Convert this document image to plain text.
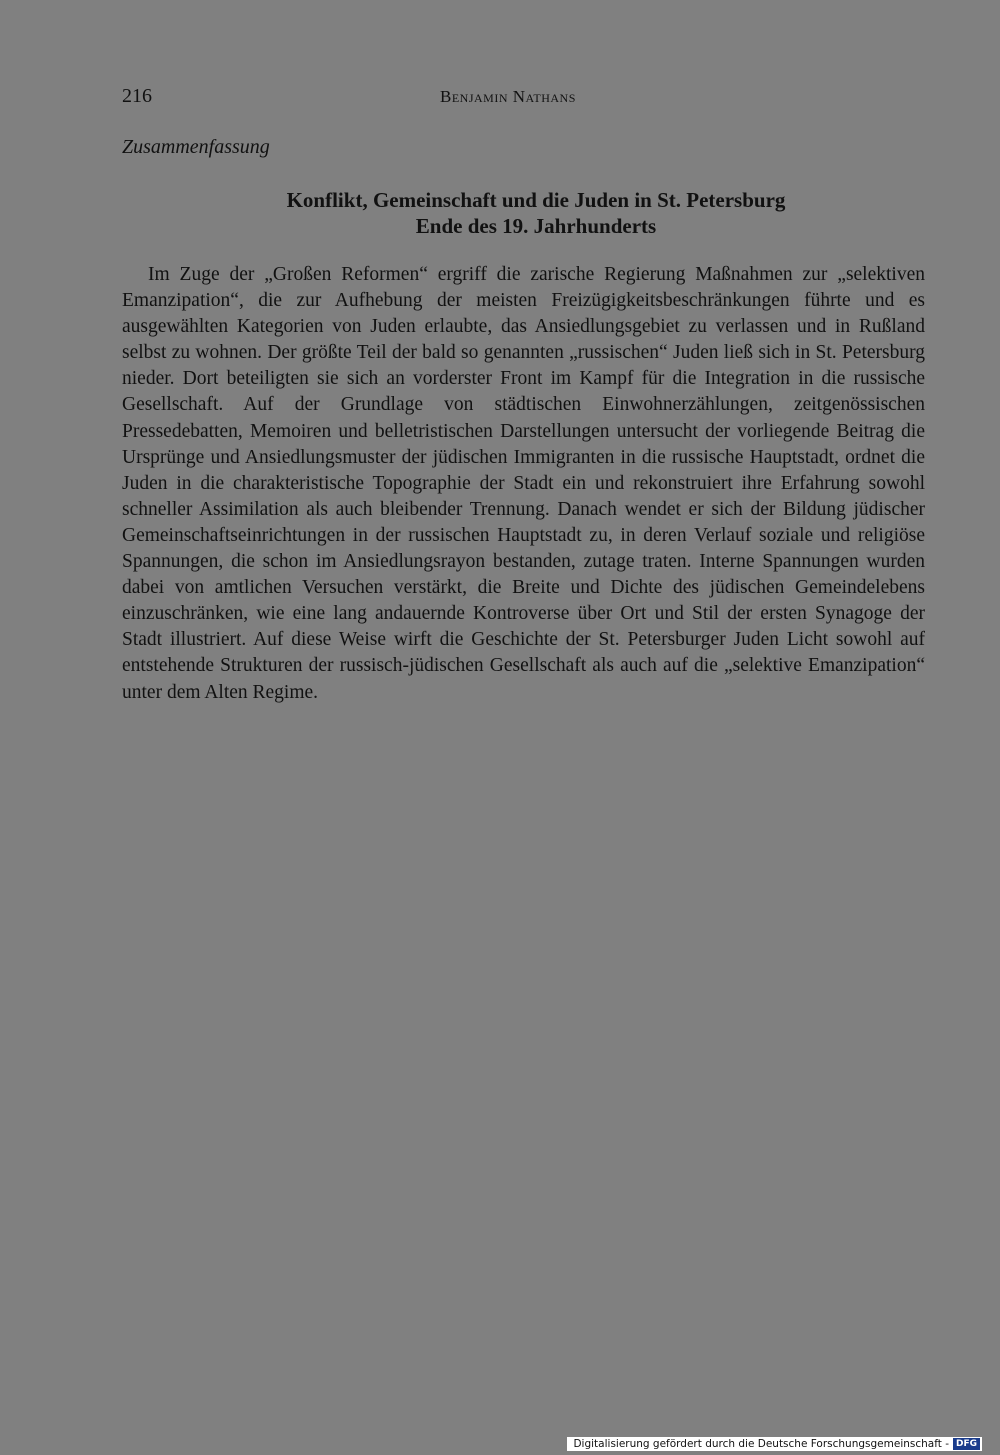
216	Benjamin Nathans
Zusammenfassung
Konflikt, Gemeinschaft und die Juden in St. Petersburg
Ende des 19. Jahrhunderts

Im Zuge der „Großen Reformen“ ergriff die zarische Regierung Maßnahmen zur „selektiven Emanzipation“, die zur Aufhebung der meisten Freizügigkeitsbeschränkungen führte und es ausgewählten Kategorien von Juden erlaubte, das Ansiedlungsgebiet zu verlassen und in Rußland selbst zu wohnen. Der größte Teil der bald so genannten „russischen“ Juden ließ sich in St. Petersburg nieder. Dort beteiligten sie sich an vorderster Front im Kampf für die Integration in die russische Gesellschaft. Auf der Grundlage von städtischen Einwohnerzählungen, zeitgenössischen Pressedebatten, Memoiren und belletristischen Darstellungen untersucht der vorliegende Beitrag die Ursprünge und Ansiedlungsmuster der jüdischen Immigranten in die russische Hauptstadt, ordnet die Juden in die charakteristische Topographie der Stadt ein und rekonstruiert ihre Erfahrung sowohl schneller Assimilation als auch bleibender Trennung. Danach wendet er sich der Bildung jüdischer Gemeinschaftseinrichtungen in der russischen Hauptstadt zu, in deren Verlauf soziale und religiöse Spannungen, die schon im Ansiedlungsrayon bestanden, zutage traten. Interne Spannungen wurden dabei von amtlichen Versuchen verstärkt, die Breite und Dichte des jüdischen Gemeindelebens einzuschränken, wie eine lang andauernde Kontroverse über Ort und Stil der ersten Synagoge der Stadt illustriert. Auf diese Weise wirft die Geschichte der St. Petersburger Juden Licht sowohl auf entstehende Strukturen der russisch-jüdischen Gesellschaft als auch auf die „selektive Emanzipation“ unter dem Alten Regime.

Digitalisierung gefördert durch die Deutsche Forschungsgemeinschaft - DFG
